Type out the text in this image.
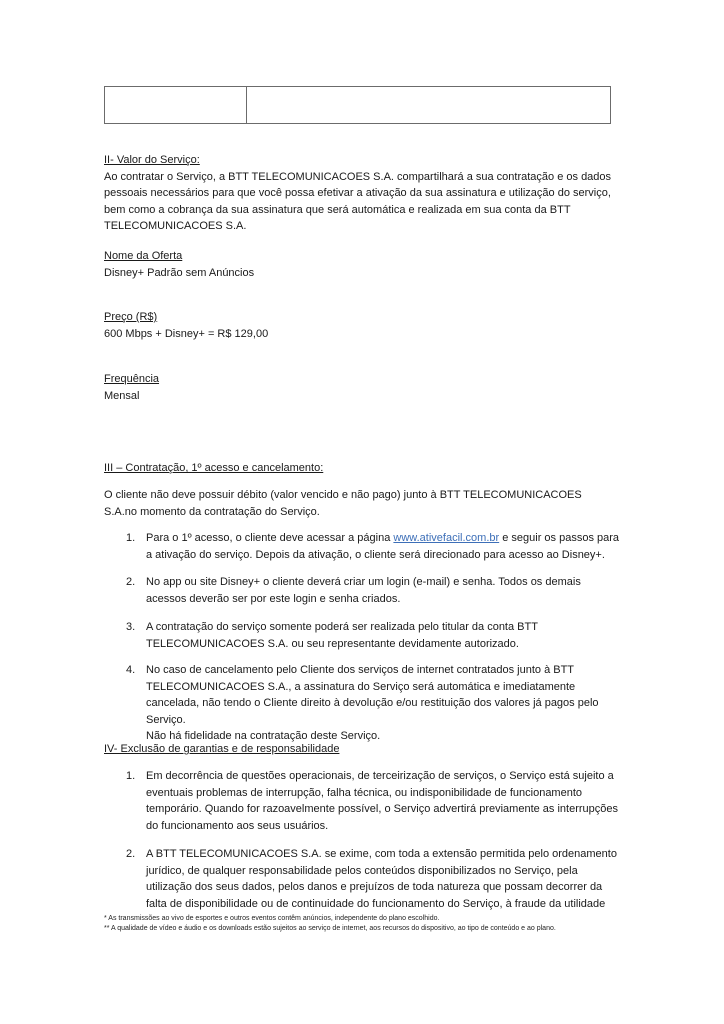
II- Valor do Serviço:

Ao contratar o Serviço, a BTT TELECOMUNICACOES S.A. compartilhará a sua contratação e os dados pessoais necessários para que você possa efetivar a ativação da sua assinatura e utilização do serviço, bem como a cobrança da sua assinatura que será automática e realizada em sua conta da BTT TELECOMUNICACOES S.A.

Nome da Oferta

Disney+ Padrão sem Anúncios

Preço (R$)

600 Mbps + Disney+ = R$ 129,00

Frequência

Mensal

III – Contratação, 1º acesso e cancelamento:

O cliente não deve possuir débito (valor vencido e não pago) junto à BTT TELECOMUNICACOES S.A.no momento da contratação do Serviço.

1. Para o 1º acesso, o cliente deve acessar a página www.ativefacil.com.br e seguir os passos para a ativação do serviço. Depois da ativação, o cliente será direcionado para acesso ao Disney+.
2. No app ou site Disney+ o cliente deverá criar um login (e-mail) e senha. Todos os demais acessos deverão ser por este login e senha criados.
3. A contratação do serviço somente poderá ser realizada pelo titular da conta BTT TELECOMUNICACOES S.A. ou seu representante devidamente autorizado.
4. No caso de cancelamento pelo Cliente dos serviços de internet contratados junto à BTT TELECOMUNICACOES S.A., a assinatura do Serviço será automática e imediatamente cancelada, não tendo o Cliente direito à devolução e/ou restituição dos valores já pagos pelo Serviço.
Não há fidelidade na contratação deste Serviço.

IV- Exclusão de garantias e de responsabilidade

1. Em decorrência de questões operacionais, de terceirização de serviços, o Serviço está sujeito a eventuais problemas de interrupção, falha técnica, ou indisponibilidade de funcionamento temporário. Quando for razoavelmente possível, o Serviço advertirá previamente as interrupções do funcionamento aos seus usuários.
2. A BTT TELECOMUNICACOES S.A. se exime, com toda a extensão permitida pelo ordenamento jurídico, de qualquer responsabilidade pelos conteúdos disponibilizados no Serviço, pela utilização dos seus dados, pelos danos e prejuízos de toda natureza que possam decorrer da falta de disponibilidade ou de continuidade do funcionamento do Serviço, à fraude da utilidade

* As transmissões ao vivo de esportes e outros eventos contêm anúncios, independente do plano escolhido.

** A qualidade de vídeo e áudio e os downloads estão sujeitos ao serviço de internet, aos recursos do dispositivo, ao tipo de conteúdo e ao plano.
